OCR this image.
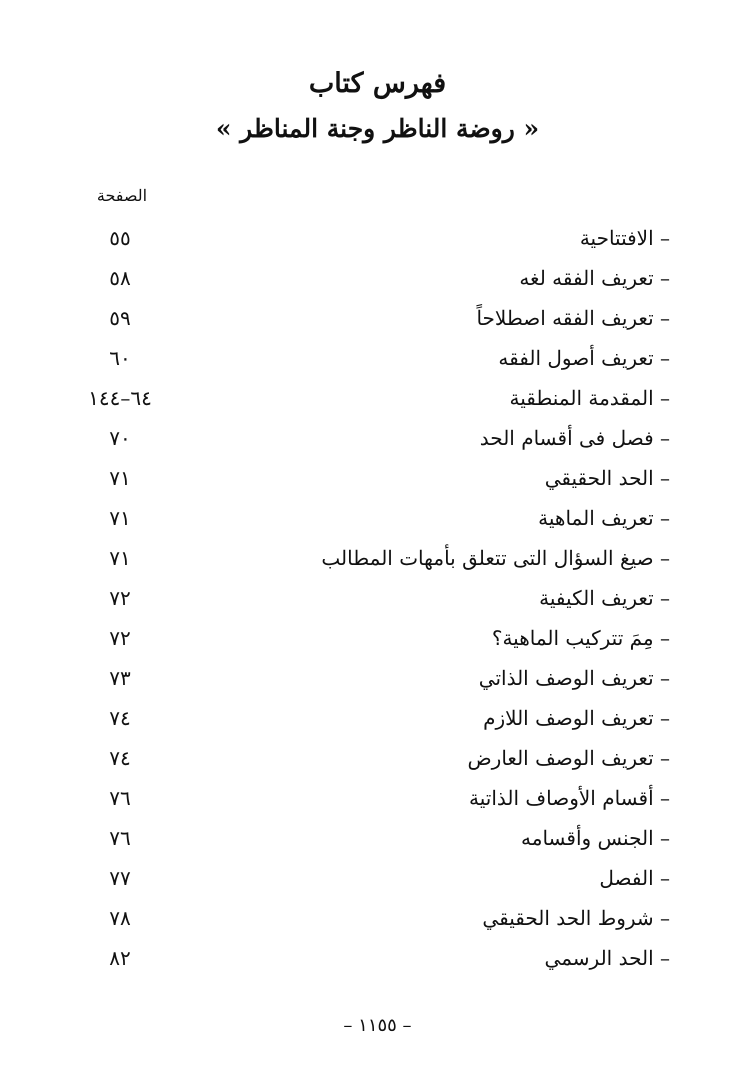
فهرس كتاب
« روضة الناظر وجنة المناظر »
الصفحة
– الافتتاحية
٥٥
– تعريف الفقه لغه
٥٨
– تعريف الفقه اصطلاحاً
٥٩
– تعريف أصول الفقه
٦٠
– المقدمة المنطقية
٦٤–١٤٤
– فصل فى أقسام الحد
٧٠
– الحد الحقيقي
٧١
– تعريف الماهية
٧١
– صيغ السؤال التى تتعلق بأمهات المطالب
٧١
– تعريف الكيفية
٧٢
– مِمَ تتركيب الماهية؟
٧٢
– تعريف الوصف الذاتي
٧٣
– تعريف الوصف اللازم
٧٤
– تعريف الوصف العارض
٧٤
– أقسام الأوصاف الذاتية
٧٦
– الجنس وأقسامه
٧٦
– الفصل
٧٧
– شروط الحد الحقيقي
٧٨
– الحد الرسمي
٨٢
– ١١٥٥ –
